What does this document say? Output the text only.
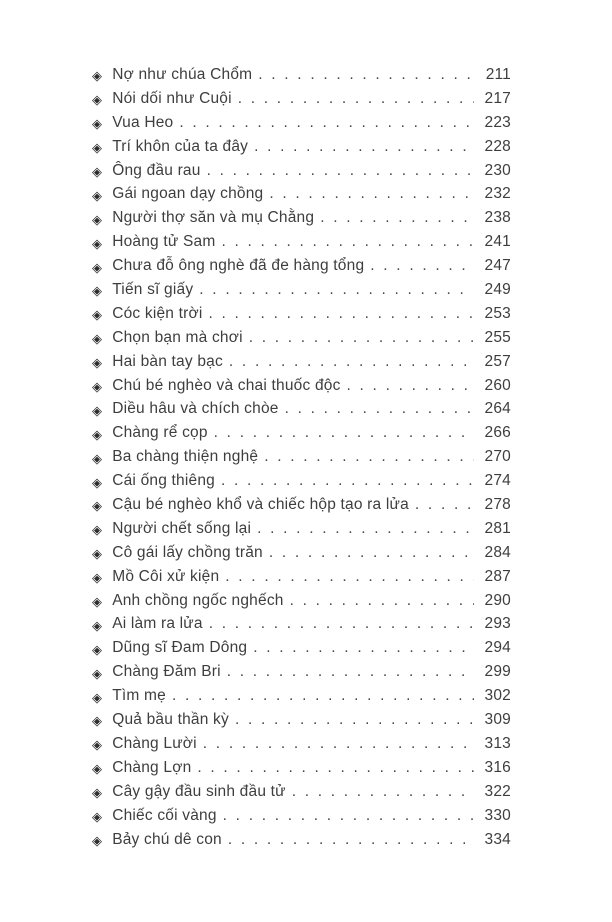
◈ Nợ như chúa Chổm . . .	211
◈ Nói dối như Cuội . . .	217
◈ Vua Heo . . .	223
◈ Trí khôn của ta đây . . .	228
◈ Ông đầu rau . . .	230
◈ Gái ngoan dạy chồng . . .	232
◈ Người thợ săn và mụ Chằng . . .	238
◈ Hoàng tử Sam . . .	241
◈ Chưa đỗ ông nghè đã đe hàng tổng . . .	247
◈ Tiến sĩ giấy . . .	249
◈ Cóc kiện trời . . .	253
◈ Chọn bạn mà chơi . . .	255
◈ Hai bàn tay bạc . . .	257
◈ Chú bé nghèo và chai thuốc độc . . .	260
◈ Diều hâu và chích chòe . . .	264
◈ Chàng rể cọp . . .	266
◈ Ba chàng thiện nghệ . . .	270
◈ Cái ống thiêng . . .	274
◈ Cậu bé nghèo khổ và chiếc hộp tạo ra lửa . . .	278
◈ Người chết sống lại . . .	281
◈ Cô gái lấy chồng trăn . . .	284
◈ Mồ Côi xử kiện . . .	287
◈ Anh chồng ngốc nghếch . . .	290
◈ Ai làm ra lửa . . .	293
◈ Dũng sĩ Đam Dông . . .	294
◈ Chàng Đăm Bri . . .	299
◈ Tìm mẹ . . .	302
◈ Quả bầu thần kỳ . . .	309
◈ Chàng Lười . . .	313
◈ Chàng Lợn . . .	316
◈ Cây gậy đầu sinh đầu tử . . .	322
◈ Chiếc cối vàng . . .	330
◈ Bảy chú dê con . . .	334
